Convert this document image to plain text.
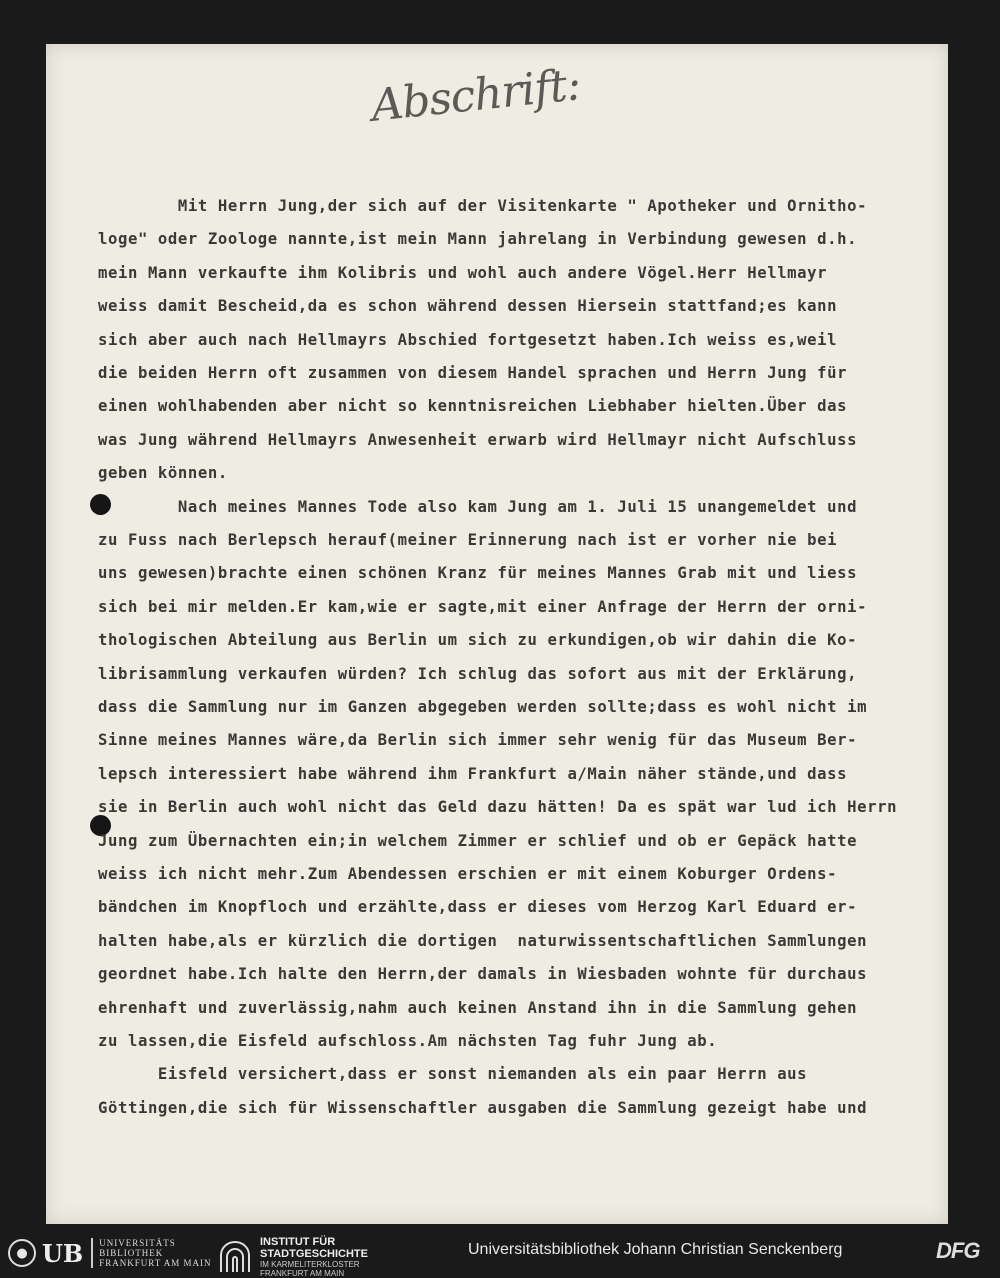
Abschrift:
Mit Herrn Jung,der sich auf der Visitenkarte " Apotheker und Ornitho-
loge" oder Zoologe nannte,ist mein Mann jahrelang in Verbindung gewesen d.h.
mein Mann verkaufte ihm Kolibris und wohl auch andere Vögel.Herr Hellmayr
weiss damit Bescheid,da es schon während dessen Hiersein stattfand;es kann
sich aber auch nach Hellmayrs Abschied fortgesetzt haben.Ich weiss es,weil
die beiden Herrn oft zusammen von diesem Handel sprachen und Herrn Jung für
einen wohlhabenden aber nicht so kenntnisreichen Liebhaber hielten.Über das
was Jung während Hellmayrs Anwesenheit erwarb wird Hellmayr nicht Aufschluss
geben können.
Nach meines Mannes Tode also kam Jung am 1. Juli 15 unangemeldet und
zu Fuss nach Berlepsch herauf(meiner Erinnerung nach ist er vorher nie bei
uns gewesen)brachte einen schönen Kranz für meines Mannes Grab mit und liess
sich bei mir melden.Er kam,wie er sagte,mit einer Anfrage der Herrn der orni-
thologischen Abteilung aus Berlin um sich zu erkundigen,ob wir dahin die Ko-
librisammlung verkaufen würden? Ich schlug das sofort aus mit der Erklärung,
dass die Sammlung nur im Ganzen abgegeben werden sollte;dass es wohl nicht im
Sinne meines Mannes wäre,da Berlin sich immer sehr wenig für das Museum Ber-
lepsch interessiert habe während ihm Frankfurt a/Main näher stände,und dass
sie in Berlin auch wohl nicht das Geld dazu hätten! Da es spät war lud ich Herrn
Jung zum Übernachten ein;in welchem Zimmer er schlief und ob er Gepäck hatte
weiss ich nicht mehr.Zum Abendessen erschien er mit einem Koburger Ordens-
bändchen im Knopfloch und erzählte,dass er dieses vom Herzog Karl Eduard er-
halten habe,als er kürzlich die dortigen  naturwissentschaftlichen Sammlungen
geordnet habe.Ich halte den Herrn,der damals in Wiesbaden wohnte für durchaus
ehrenhaft und zuverlässig,nahm auch keinen Anstand ihn in die Sammlung gehen
zu lassen,die Eisfeld aufschloss.Am nächsten Tag fuhr Jung ab.
Eisfeld versichert,dass er sonst niemanden als ein paar Herrn aus
Göttingen,die sich für Wissenschaftler ausgaben die Sammlung gezeigt habe und
● UB UNIVERSITÄTS
BIBLIOTHEK
FRANKFURT AM MAIN
INSTITUT FÜR
STADTGESCHICHTE
IM KARMELITERKLOSTER
FRANKFURT AM MAIN
Universitätsbibliothek Johann Christian Senckenberg	DFG
